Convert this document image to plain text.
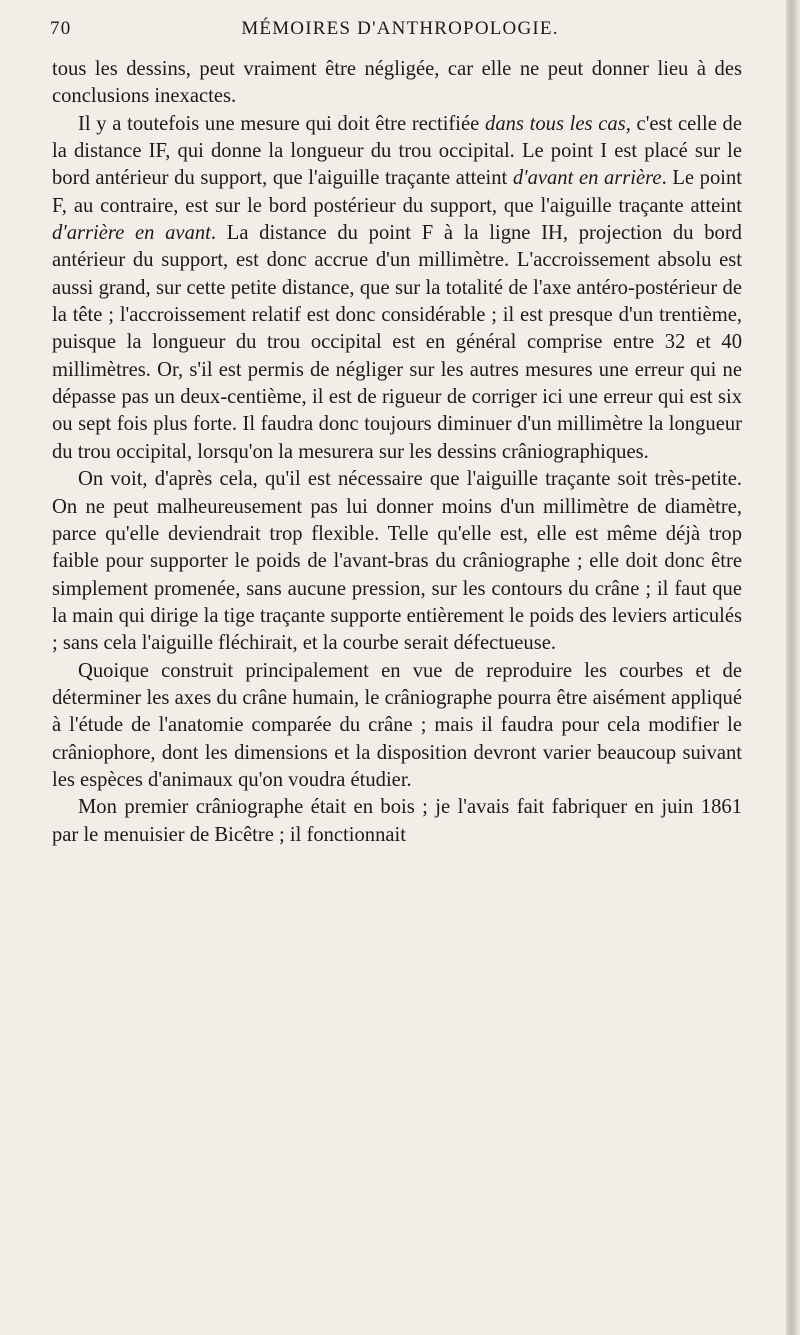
70	MÉMOIRES D'ANTHROPOLOGIE.

tous les dessins, peut vraiment être négligée, car elle ne peut donner lieu à des conclusions inexactes.

Il y a toutefois une mesure qui doit être rectifiée dans tous les cas, c'est celle de la distance IF, qui donne la longueur du trou occipital. Le point I est placé sur le bord antérieur du support, que l'aiguille traçante atteint d'avant en arrière. Le point F, au contraire, est sur le bord postérieur du support, que l'aiguille traçante atteint d'arrière en avant. La distance du point F à la ligne IH, projection du bord antérieur du support, est donc accrue d'un millimètre. L'accroissement absolu est aussi grand, sur cette petite distance, que sur la totalité de l'axe antéro-postérieur de la tête ; l'accroissement relatif est donc considérable ; il est presque d'un trentième, puisque la longueur du trou occipital est en général comprise entre 32 et 40 millimètres. Or, s'il est permis de négliger sur les autres mesures une erreur qui ne dépasse pas un deux-centième, il est de rigueur de corriger ici une erreur qui est six ou sept fois plus forte. Il faudra donc toujours diminuer d'un millimètre la longueur du trou occipital, lorsqu'on la mesurera sur les dessins crâniographiques.

On voit, d'après cela, qu'il est nécessaire que l'aiguille traçante soit très-petite. On ne peut malheureusement pas lui donner moins d'un millimètre de diamètre, parce qu'elle deviendrait trop flexible. Telle qu'elle est, elle est même déjà trop faible pour supporter le poids de l'avant-bras du crâniographe ; elle doit donc être simplement promenée, sans aucune pression, sur les contours du crâne ; il faut que la main qui dirige la tige traçante supporte entièrement le poids des leviers articulés ; sans cela l'aiguille fléchirait, et la courbe serait défectueuse.

Quoique construit principalement en vue de reproduire les courbes et de déterminer les axes du crâne humain, le crâniographe pourra être aisément appliqué à l'étude de l'anatomie comparée du crâne ; mais il faudra pour cela modifier le crâniophore, dont les dimensions et la disposition devront varier beaucoup suivant les espèces d'animaux qu'on voudra étudier.

Mon premier crâniographe était en bois ; je l'avais fait fabriquer en juin 1861 par le menuisier de Bicêtre ; il fonctionnait
